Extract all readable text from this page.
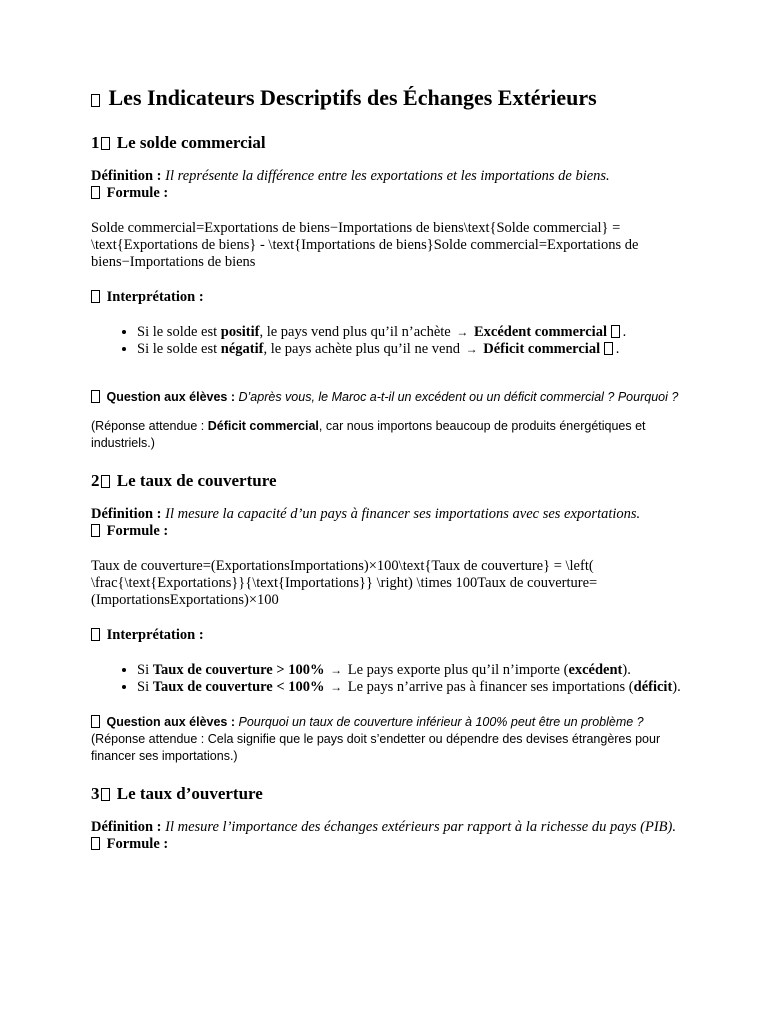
Les Indicateurs Descriptifs des Échanges Extérieurs
1 Le solde commercial

Définition : Il représente la différence entre les exportations et les importations de biens.

Formule :

Solde commercial=Exportations de biens−Importations de biens\text{Solde commercial} = \text{Exportations de biens} - \text{Importations de biens}Solde commercial=Exportations de biens−Importations de biens

Interprétation :

• Si le solde est positif, le pays vend plus qu’il n’achète → Excédent commercial .
• Si le solde est négatif, le pays achète plus qu’il ne vend → Déficit commercial .

Question aux élèves : D’après vous, le Maroc a-t-il un excédent ou un déficit commercial ? Pourquoi ?

(Réponse attendue : Déficit commercial, car nous importons beaucoup de produits énergétiques et industriels.)

2 Le taux de couverture

Définition : Il mesure la capacité d’un pays à financer ses importations avec ses exportations.

Formule :

Taux de couverture=(ExportationsImportations)×100\text{Taux de couverture} = \left( \frac{\text{Exportations}}{\text{Importations}} \right) \times 100Taux de couverture=(ImportationsExportations)×100

Interprétation :

• Si Taux de couverture > 100% → Le pays exporte plus qu’il n’importe (excédent).
• Si Taux de couverture < 100% → Le pays n’arrive pas à financer ses importations (déficit).

Question aux élèves : Pourquoi un taux de couverture inférieur à 100% peut être un problème ?

(Réponse attendue : Cela signifie que le pays doit s’endetter ou dépendre des devises étrangères pour financer ses importations.)

3 Le taux d’ouverture

Définition : Il mesure l’importance des échanges extérieurs par rapport à la richesse du pays (PIB).

Formule :
